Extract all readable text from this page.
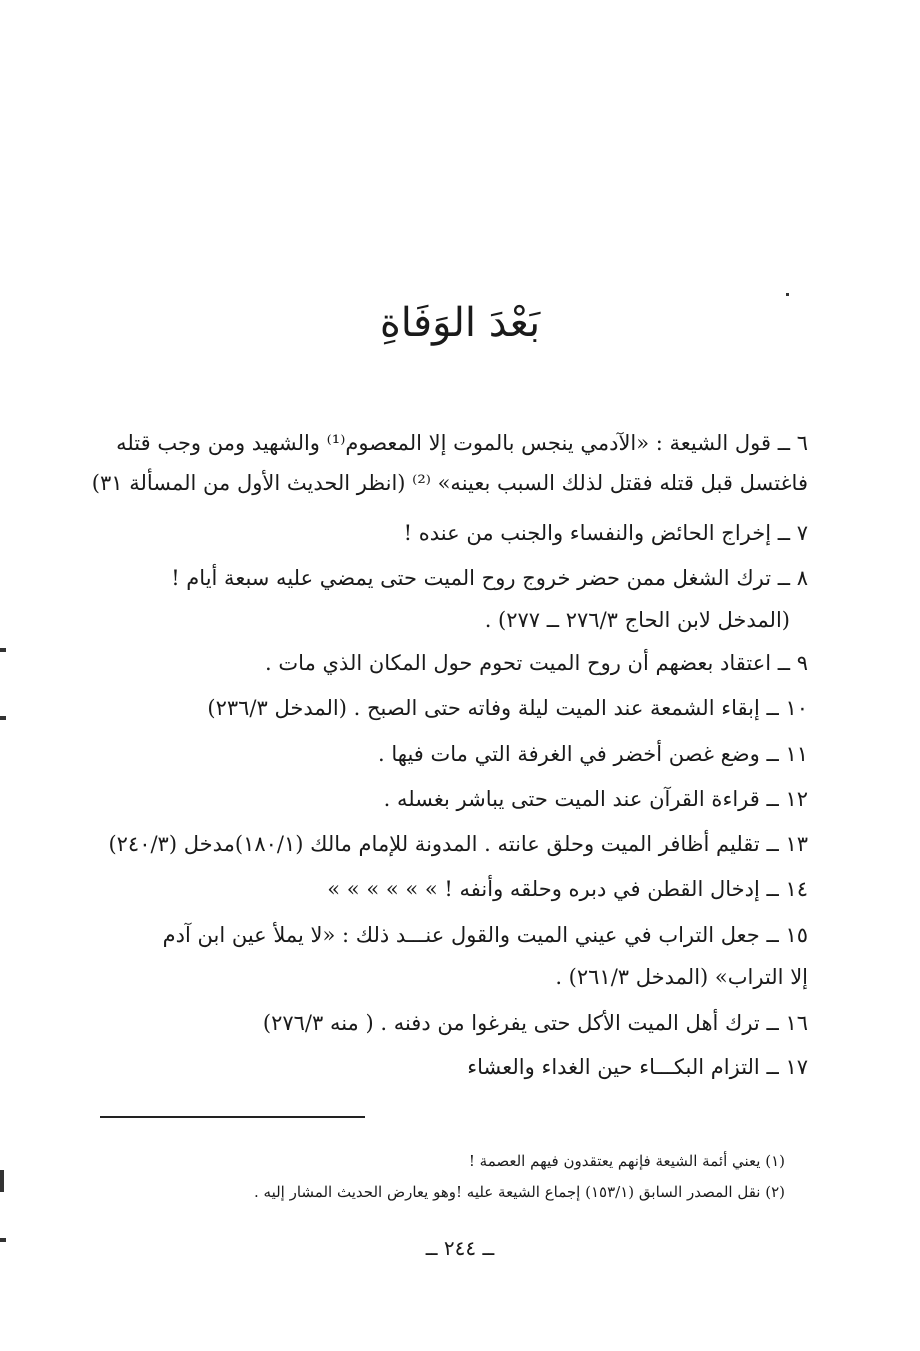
بَعْدَ الوَفَاةِ
٦ ــ قول الشيعة : «الآدمي ينجس بالموت إلا المعصوم⁽¹⁾ والشهيد ومن وجب قتله
فاغتسل قبل قتله فقتل لذلك السبب بعينه» ⁽²⁾ (انظر الحديث الأول من المسألة ٣١)
٧ ــ إخراج الحائض والنفساء والجنب من عنده !
٨ ــ ترك الشغل ممن حضر خروج روح الميت حتى يمضي عليه سبعة أيام !
(المدخل لابن الحاج ٢٧٦/٣ ــ ٢٧٧) .
٩ ــ اعتقاد بعضهم أن روح الميت تحوم حول المكان الذي مات .
١٠ ــ إبقاء الشمعة عند الميت ليلة وفاته حتى الصبح . (المدخل ٢٣٦/٣)
١١ ــ وضع غصن أخضر في الغرفة التي مات فيها .
١٢ ــ قراءة القرآن عند الميت حتى يباشر بغسله .
١٣ ــ تقليم أظافر الميت وحلق عانته . المدونة للإمام مالك (١٨٠/١)مدخل (٢٤٠/٣)
١٤ ــ إدخال القطن في دبره وحلقه وأنفه ! » » » » » »
١٥ ــ جعل التراب في عيني الميت والقول عنـــد ذلك : «لا يملأ عين ابن آدم
إلا التراب» (المدخل ٢٦١/٣) .
١٦ ــ ترك أهل الميت الأكل حتى يفرغوا من دفنه . ( منه ٢٧٦/٣)
١٧ ــ التزام البكـــاء حين الغداء والعشاء
(١) يعني أئمة الشيعة فإنهم يعتقدون فيهم العصمة !
(٢) نقل المصدر السابق (١٥٣/١) إجماع الشيعة عليه !وهو يعارض الحديث المشار إليه .
ــ ٢٤٤ ــ
